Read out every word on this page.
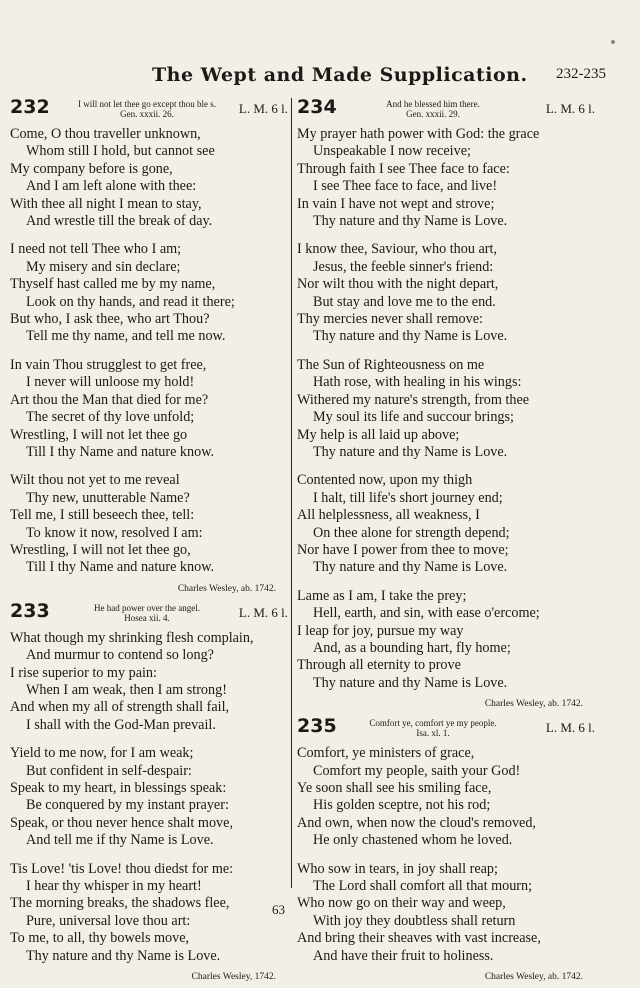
The Wept and Made Supplication. 232-235
232	I will not let thee go except thou ble s.
Gen. xxxii. 26.	L. M. 6 l.
Come, O thou traveller unknown,
Whom still I hold, but cannot see
My company before is gone,
And I am left alone with thee:
With thee all night I mean to stay,
And wrestle till the break of day.
I need not tell Thee who I am;
My misery and sin declare;
Thyself hast called me by my name,
Look on thy hands, and read it there;
But who, I ask thee, who art Thou?
Tell me thy name, and tell me now.
In vain Thou strugglest to get free,
I never will unloose my hold!
Art thou the Man that died for me?
The secret of thy love unfold;
Wrestling, I will not let thee go
Till I thy Name and nature know.
Wilt thou not yet to me reveal
Thy new, unutterable Name?
Tell me, I still beseech thee, tell:
To know it now, resolved I am:
Wrestling, I will not let thee go,
Till I thy Name and nature know.
Charles Wesley, ab. 1742.
233	He had power over the angel.
Hosea xii. 4.	L. M. 6 l.
What though my shrinking flesh complain,
And murmur to contend so long?
I rise superior to my pain:
When I am weak, then I am strong!
And when my all of strength shall fail,
I shall with the God-Man prevail.
Yield to me now, for I am weak;
But confident in self-despair:
Speak to my heart, in blessings speak:
Be conquered by my instant prayer:
Speak, or thou never hence shalt move,
And tell me if thy Name is Love.
Tis Love! 'tis Love! thou diedst for me:
I hear thy whisper in my heart!
The morning breaks, the shadows flee,
Pure, universal love thou art:
To me, to all, thy bowels move,
Thy nature and thy Name is Love.
Charles Wesley, 1742.
234	And he blessed him there.
Gen. xxxii. 29.	L. M. 6 l.
My prayer hath power with God: the grace
Unspeakable I now receive;
Through faith I see Thee face to face:
I see Thee face to face, and live!
In vain I have not wept and strove;
Thy nature and thy Name is Love.
I know thee, Saviour, who thou art,
Jesus, the feeble sinner's friend:
Nor wilt thou with the night depart,
But stay and love me to the end.
Thy mercies never shall remove:
Thy nature and thy Name is Love.
The Sun of Righteousness on me
Hath rose, with healing in his wings:
Withered my nature's strength, from thee
My soul its life and succour brings;
My help is all laid up above;
Thy nature and thy Name is Love.
Contented now, upon my thigh
I halt, till life's short journey end;
All helplessness, all weakness, I
On thee alone for strength depend;
Nor have I power from thee to move;
Thy nature and thy Name is Love.
Lame as I am, I take the prey;
Hell, earth, and sin, with ease o'ercome;
I leap for joy, pursue my way
And, as a bounding hart, fly home;
Through all eternity to prove
Thy nature and thy Name is Love.
Charles Wesley, ab. 1742.
235	Comfort ye, comfort ye my people.
Isa. xl. 1.	L. M. 6 l.
Comfort, ye ministers of grace,
Comfort my people, saith your God!
Ye soon shall see his smiling face,
His golden sceptre, not his rod;
And own, when now the cloud's removed,
He only chastened whom he loved.
Who sow in tears, in joy shall reap;
The Lord shall comfort all that mourn;
Who now go on their way and weep,
With joy they doubtless shall return
And bring their sheaves with vast increase,
And have their fruit to holiness.
Charles Wesley, ab. 1742.
63
